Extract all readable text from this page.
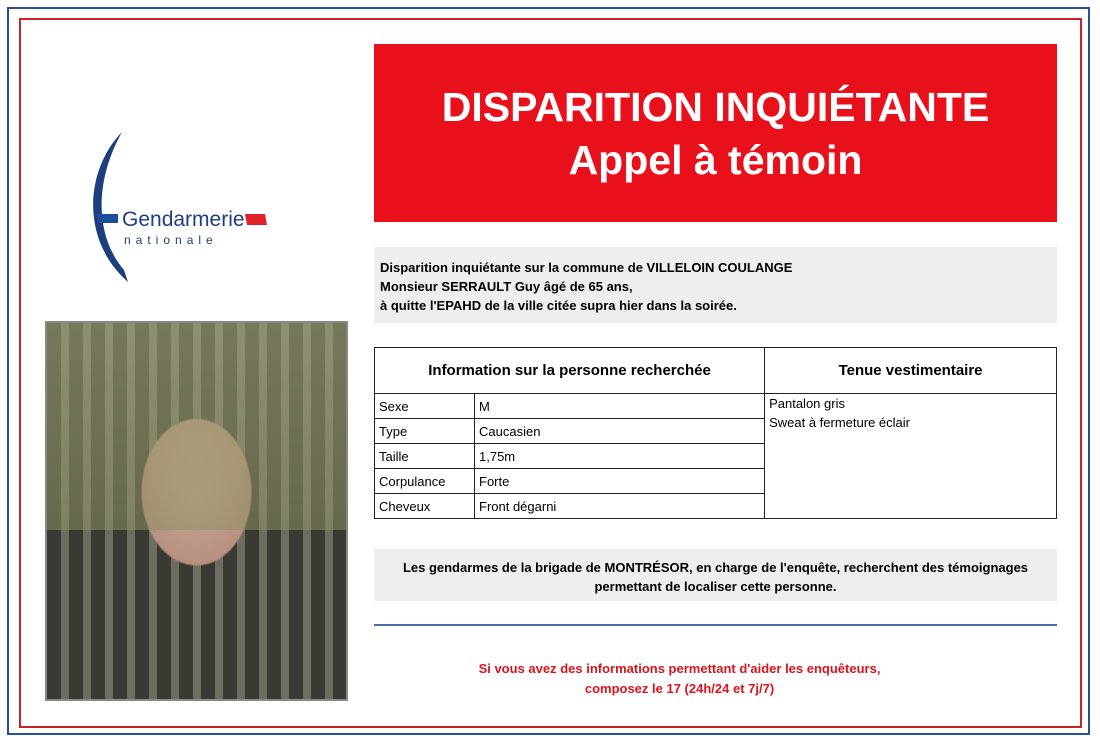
Gendarmerie
nationale
DISPARITION INQUIÉTANTE
Appel à témoin
Disparition inquiétante sur la commune de VILLELOIN COULANGE
Monsieur SERRAULT Guy âgé de 65 ans,
à quitte l'EPAHD de la ville citée supra hier dans la soirée.
Information sur la personne recherchée		Tenue vestimentaire
Sexe	M	Pantalon gris
Sweat à fermeture éclair

Type	Caucasien	
Taille	1,75m	
Corpulance	Forte	
Cheveux	Front dégarni	
Les gendarmes de la brigade de MONTRÉSOR, en charge de l'enquête, recherchent des témoignages permettant de localiser cette personne.
Si vous avez des informations permettant d'aider les enquêteurs,
composez le 17 (24h/24 et 7j/7)
